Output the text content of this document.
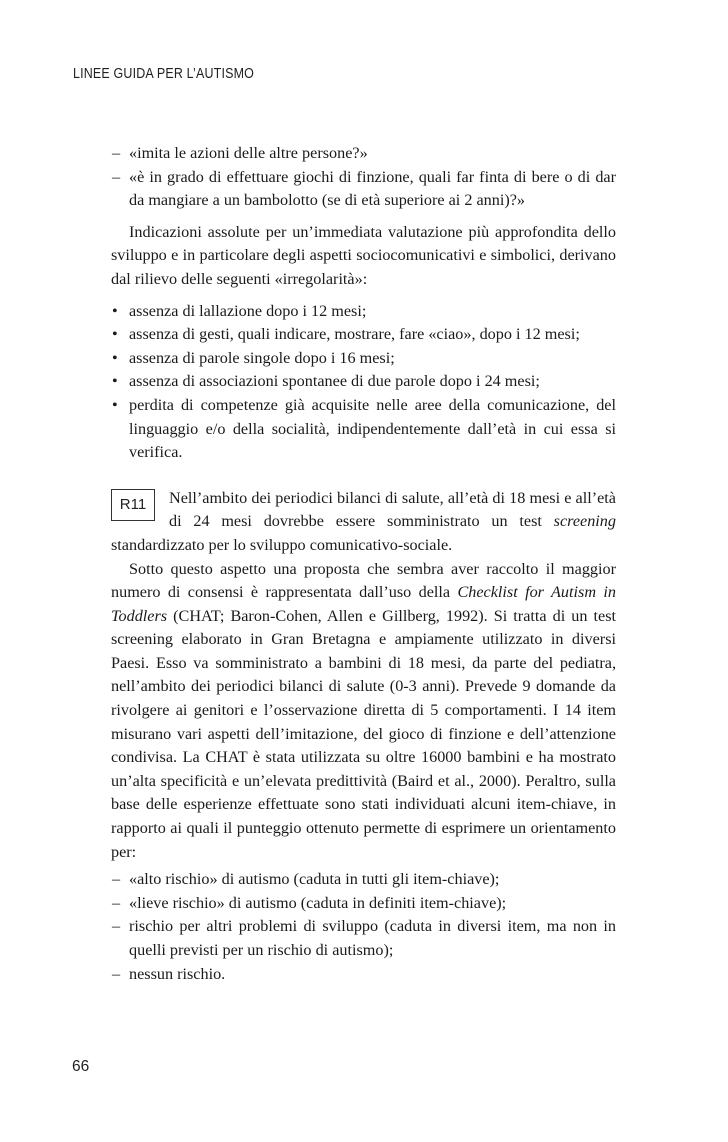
LINEE GUIDA PER L’AUTISMO
– «imita le azioni delle altre persone?»
– «è in grado di effettuare giochi di finzione, quali far finta di bere o di dar da mangiare a un bambolotto (se di età superiore ai 2 anni)?»

Indicazioni assolute per un’immediata valutazione più approfondita dello sviluppo e in particolare degli aspetti sociocomunicativi e simbolici, derivano dal rilievo delle seguenti «irregolarità»:

• assenza di lallazione dopo i 12 mesi;
• assenza di gesti, quali indicare, mostrare, fare «ciao», dopo i 12 mesi;
• assenza di parole singole dopo i 16 mesi;
• assenza di associazioni spontanee di due parole dopo i 24 mesi;
• perdita di competenze già acquisite nelle aree della comunicazione, del linguaggio e/o della socialità, indipendentemente dall’età in cui essa si verifica.
R11	Nell’ambito dei periodici bilanci di salute, all’età di 18 mesi e all’età di 24 mesi dovrebbe essere somministrato un test screening standardizzato per lo sviluppo comunicativo-sociale.

Sotto questo aspetto una proposta che sembra aver raccolto il maggior numero di consensi è rappresentata dall’uso della Checklist for Autism in Toddlers (CHAT; Baron-Cohen, Allen e Gillberg, 1992). Si tratta di un test screening elaborato in Gran Bretagna e ampiamente utilizzato in diversi Paesi. Esso va somministrato a bambini di 18 mesi, da parte del pediatra, nell’ambito dei periodici bilanci di salute (0-3 anni). Prevede 9 domande da rivolgere ai genitori e l’osservazione diretta di 5 comportamenti. I 14 item misurano vari aspetti dell’imitazione, del gioco di finzione e dell’attenzione condivisa. La CHAT è stata utilizzata su oltre 16000 bambini e ha mostrato un’alta specificità e un’elevata predittività (Baird et al., 2000). Peraltro, sulla base delle esperienze effettuate sono stati individuati alcuni item-chiave, in rapporto ai quali il punteggio ottenuto permette di esprimere un orientamento per:

– «alto rischio» di autismo (caduta in tutti gli item-chiave);
– «lieve rischio» di autismo (caduta in definiti item-chiave);
– rischio per altri problemi di sviluppo (caduta in diversi item, ma non in quelli previsti per un rischio di autismo);
– nessun rischio.
66
